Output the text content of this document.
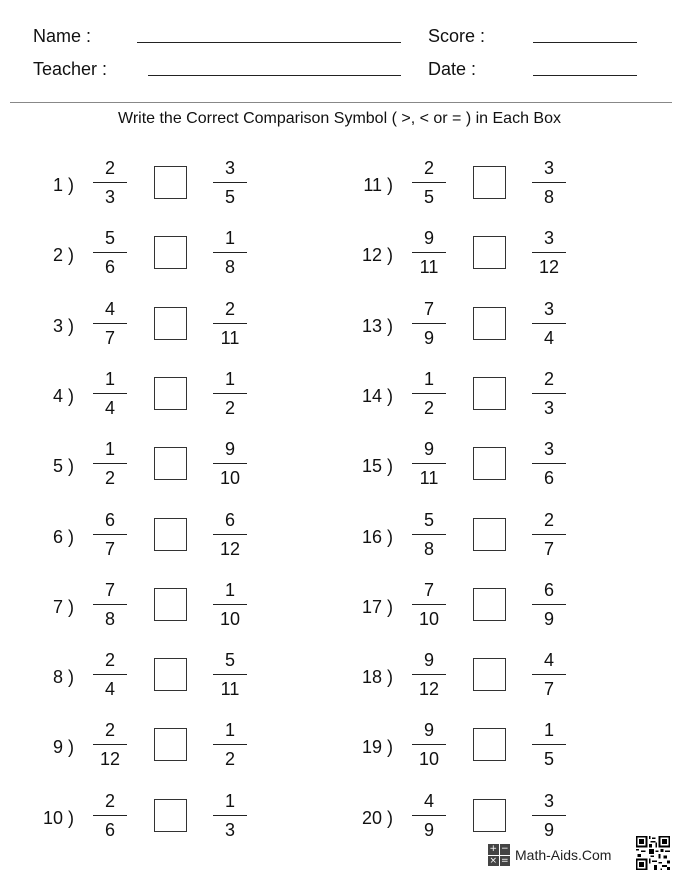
Name :	Score :
Teacher :	Date :
Write the Correct Comparison Symbol ( >, < or = ) in Each Box
1 )
2
3
3
5
2 )
5
6
1
8
3 )
4
7
2
11
4 )
1
4
1
2
5 )
1
2
9
10
6 )
6
7
6
12
7 )
7
8
1
10
8 )
2
4
5
11
9 )
2
12
1
2
10 )
2
6
1
3
11 )
2
5
3
8
12 )
9
11
3
12
13 )
7
9
3
4
14 )
1
2
2
3
15 )
9
11
3
6
16 )
5
8
2
7
17 )
7
10
6
9
18 )
9
12
4
7
19 )
9
10
1
5
20 )
4
9
3
9
+ −
× = Math-Aids.Com
